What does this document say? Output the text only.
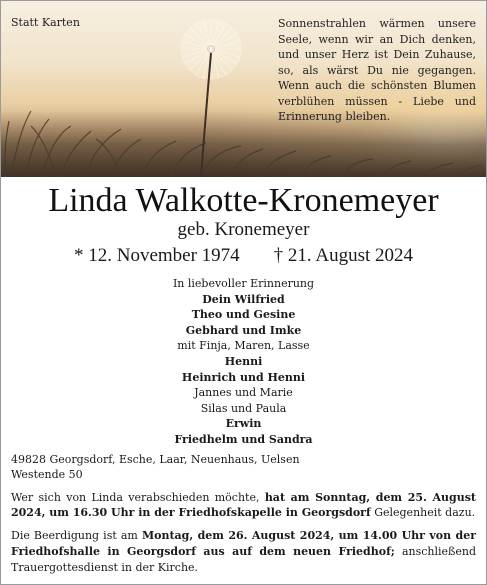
Statt Karten	Sonnenstrahlen wärmen unsere Seele, wenn wir an Dich denken, und unser Herz ist Dein Zuhause, so, als wärst Du nie gegangen. Wenn auch die schönsten Blumen verblühen müssen - Liebe und Erinnerung bleiben.
Linda Walkotte-Kronemeyer
geb. Kronemeyer
* 12. November 1974 † 21. August 2024
In liebevoller Erinnerung
Dein Wilfried
Theo und Gesine
Gebhard und Imke
mit Finja, Maren, Lasse
Henni
Heinrich und Henni
Jannes und Marie
Silas und Paula
Erwin
Friedhelm und Sandra
49828 Georgsdorf, Esche, Laar, Neuenhaus, Uelsen
Westende 50
Wer sich von Linda verabschieden möchte, hat am Sonntag, dem 25. August 2024, um 16.30 Uhr in der Friedhofskapelle in Georgsdorf Gelegenheit dazu.
Die Beerdigung ist am Montag, dem 26. August 2024, um 14.00 Uhr von der Friedhofshalle in Georgsdorf aus auf dem neuen Friedhof; anschließend Trauergottesdienst in der Kirche.
